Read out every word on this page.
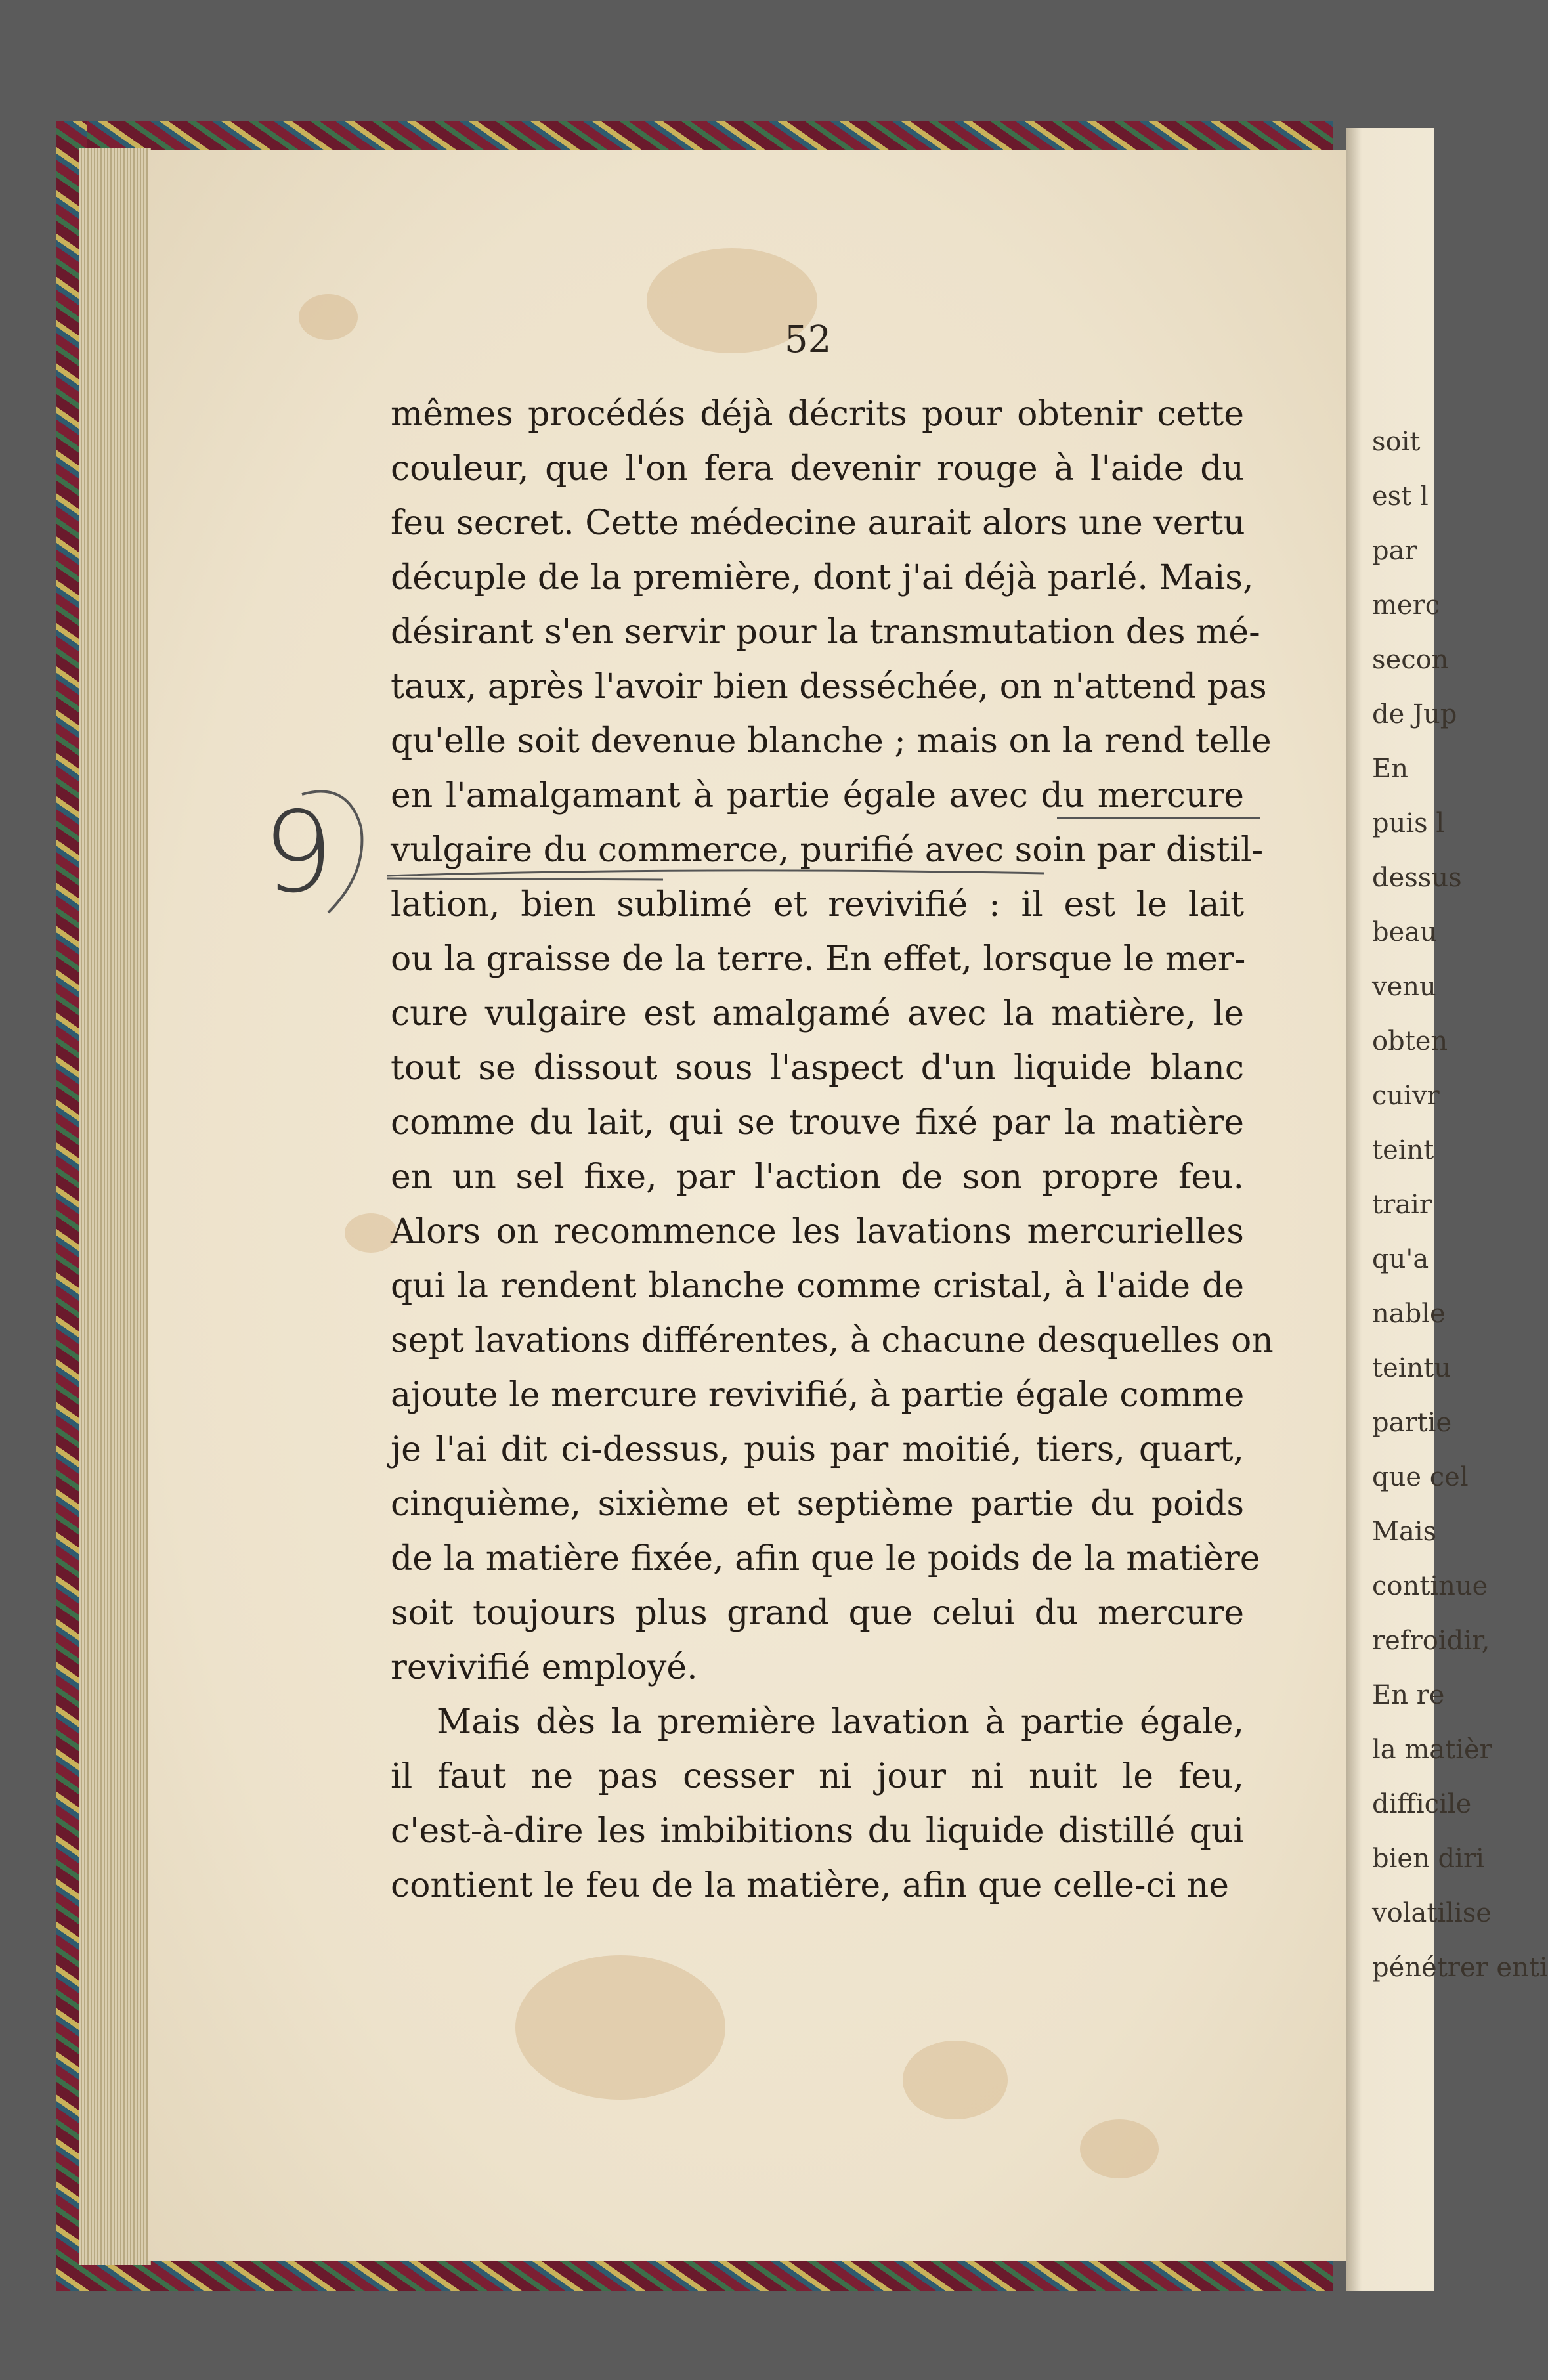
soit
est l
par
merc
secon
de Jup
En
puis l
dessus
beau
venu
obten
cuivr
teint
trair
qu'a
nable
teintu
partie
que cel
Mais
continue
refroidir,
En re
la matièr
difficile
bien diri
volatilise
pénétrer enti
52
mêmes procédés déjà décrits pour obtenir cette
couleur, que l'on fera devenir rouge à l'aide du
feu secret. Cette médecine aurait alors une vertu
décuple de la première, dont j'ai déjà parlé. Mais,
désirant s'en servir pour la transmutation des mé-
taux, après l'avoir bien desséchée, on n'attend pas
qu'elle soit devenue blanche ; mais on la rend telle
en l'amalgamant à partie égale avec du mercure
vulgaire du commerce, purifié avec soin par distil-
lation, bien sublimé et revivifié : il est le lait
ou la graisse de la terre. En effet, lorsque le mer-
cure vulgaire est amalgamé avec la matière, le
tout se dissout sous l'aspect d'un liquide blanc
comme du lait, qui se trouve fixé par la matière
en un sel fixe, par l'action de son propre feu.
Alors on recommence les lavations mercurielles
qui la rendent blanche comme cristal, à l'aide de
sept lavations différentes, à chacune desquelles on
ajoute le mercure revivifié, à partie égale comme
je l'ai dit ci-dessus, puis par moitié, tiers, quart,
cinquième, sixième et septième partie du poids
de la matière fixée, afin que le poids de la matière
soit toujours plus grand que celui du mercure
revivifié employé.
Mais dès la première lavation à partie égale,
il faut ne pas cesser ni jour ni nuit le feu,
c'est-à-dire les imbibitions du liquide distillé qui
contient le feu de la matière, afin que celle-ci ne
9
